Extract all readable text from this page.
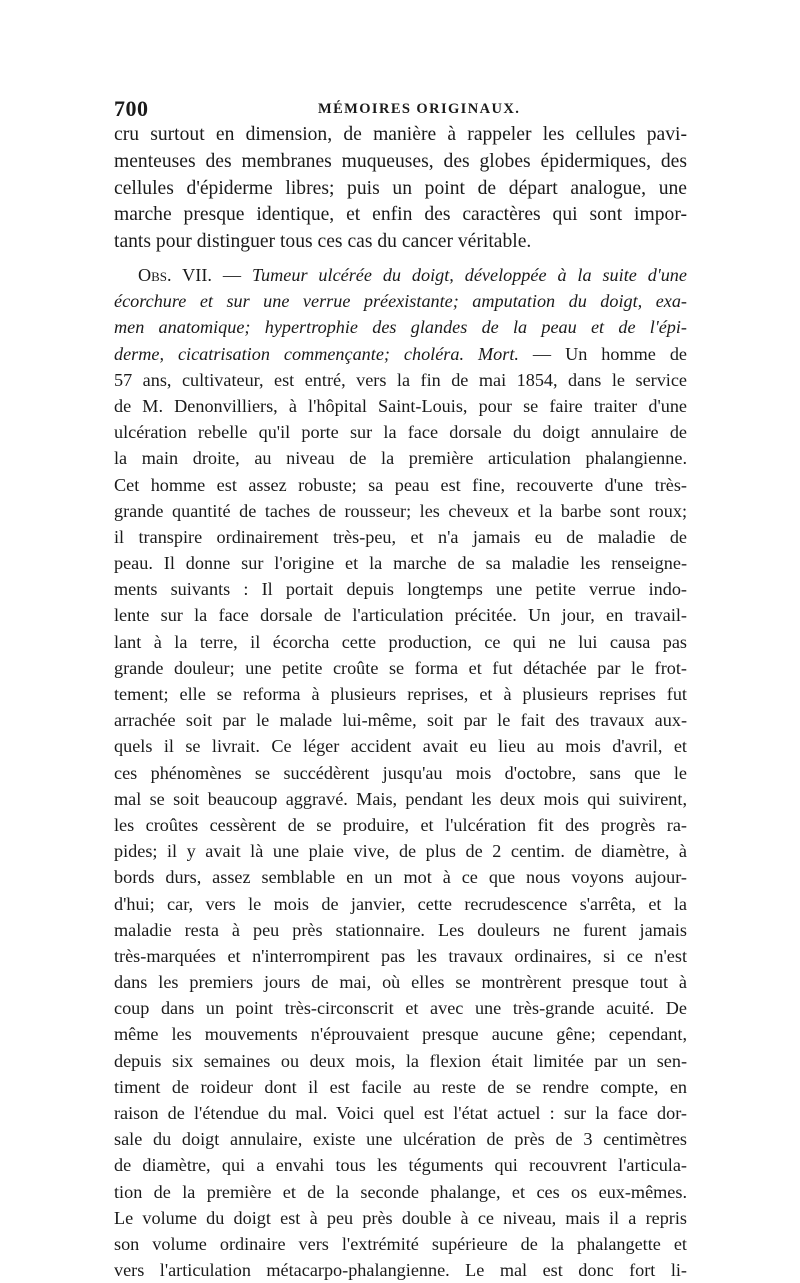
700	MÉMOIRES ORIGINAUX.
cru surtout en dimension, de manière à rappeler les cellules pavi-
menteuses des membranes muqueuses, des globes épidermiques, des
cellules d'épiderme libres; puis un point de départ analogue, une
marche presque identique, et enfin des caractères qui sont impor-
tants pour distinguer tous ces cas du cancer véritable.
Obs. VII. — Tumeur ulcérée du doigt, développée à la suite d'une
écorchure et sur une verrue préexistante; amputation du doigt, exa-
men anatomique; hypertrophie des glandes de la peau et de l'épi-
derme, cicatrisation commençante; choléra. Mort. — Un homme de
57 ans, cultivateur, est entré, vers la fin de mai 1854, dans le service
de M. Denonvilliers, à l'hôpital Saint-Louis, pour se faire traiter d'une
ulcération rebelle qu'il porte sur la face dorsale du doigt annulaire de
la main droite, au niveau de la première articulation phalangienne.
Cet homme est assez robuste; sa peau est fine, recouverte d'une très-
grande quantité de taches de rousseur; les cheveux et la barbe sont roux;
il transpire ordinairement très-peu, et n'a jamais eu de maladie de
peau. Il donne sur l'origine et la marche de sa maladie les renseigne-
ments suivants : Il portait depuis longtemps une petite verrue indo-
lente sur la face dorsale de l'articulation précitée. Un jour, en travail-
lant à la terre, il écorcha cette production, ce qui ne lui causa pas
grande douleur; une petite croûte se forma et fut détachée par le frot-
tement; elle se reforma à plusieurs reprises, et à plusieurs reprises fut
arrachée soit par le malade lui-même, soit par le fait des travaux aux-
quels il se livrait. Ce léger accident avait eu lieu au mois d'avril, et
ces phénomènes se succédèrent jusqu'au mois d'octobre, sans que le
mal se soit beaucoup aggravé. Mais, pendant les deux mois qui suivirent,
les croûtes cessèrent de se produire, et l'ulcération fit des progrès ra-
pides; il y avait là une plaie vive, de plus de 2 centim. de diamètre, à
bords durs, assez semblable en un mot à ce que nous voyons aujour-
d'hui; car, vers le mois de janvier, cette recrudescence s'arrêta, et la
maladie resta à peu près stationnaire. Les douleurs ne furent jamais
très-marquées et n'interrompirent pas les travaux ordinaires, si ce n'est
dans les premiers jours de mai, où elles se montrèrent presque tout à
coup dans un point très-circonscrit et avec une très-grande acuité. De
même les mouvements n'éprouvaient presque aucune gêne; cependant,
depuis six semaines ou deux mois, la flexion était limitée par un sen-
timent de roideur dont il est facile au reste de se rendre compte, en
raison de l'étendue du mal. Voici quel est l'état actuel : sur la face dor-
sale du doigt annulaire, existe une ulcération de près de 3 centimètres
de diamètre, qui a envahi tous les téguments qui recouvrent l'articula-
tion de la première et de la seconde phalange, et ces os eux-mêmes.
Le volume du doigt est à peu près double à ce niveau, mais il a repris
son volume ordinaire vers l'extrémité supérieure de la phalangette et
vers l'articulation métacarpo-phalangienne. Le mal est donc fort li-
